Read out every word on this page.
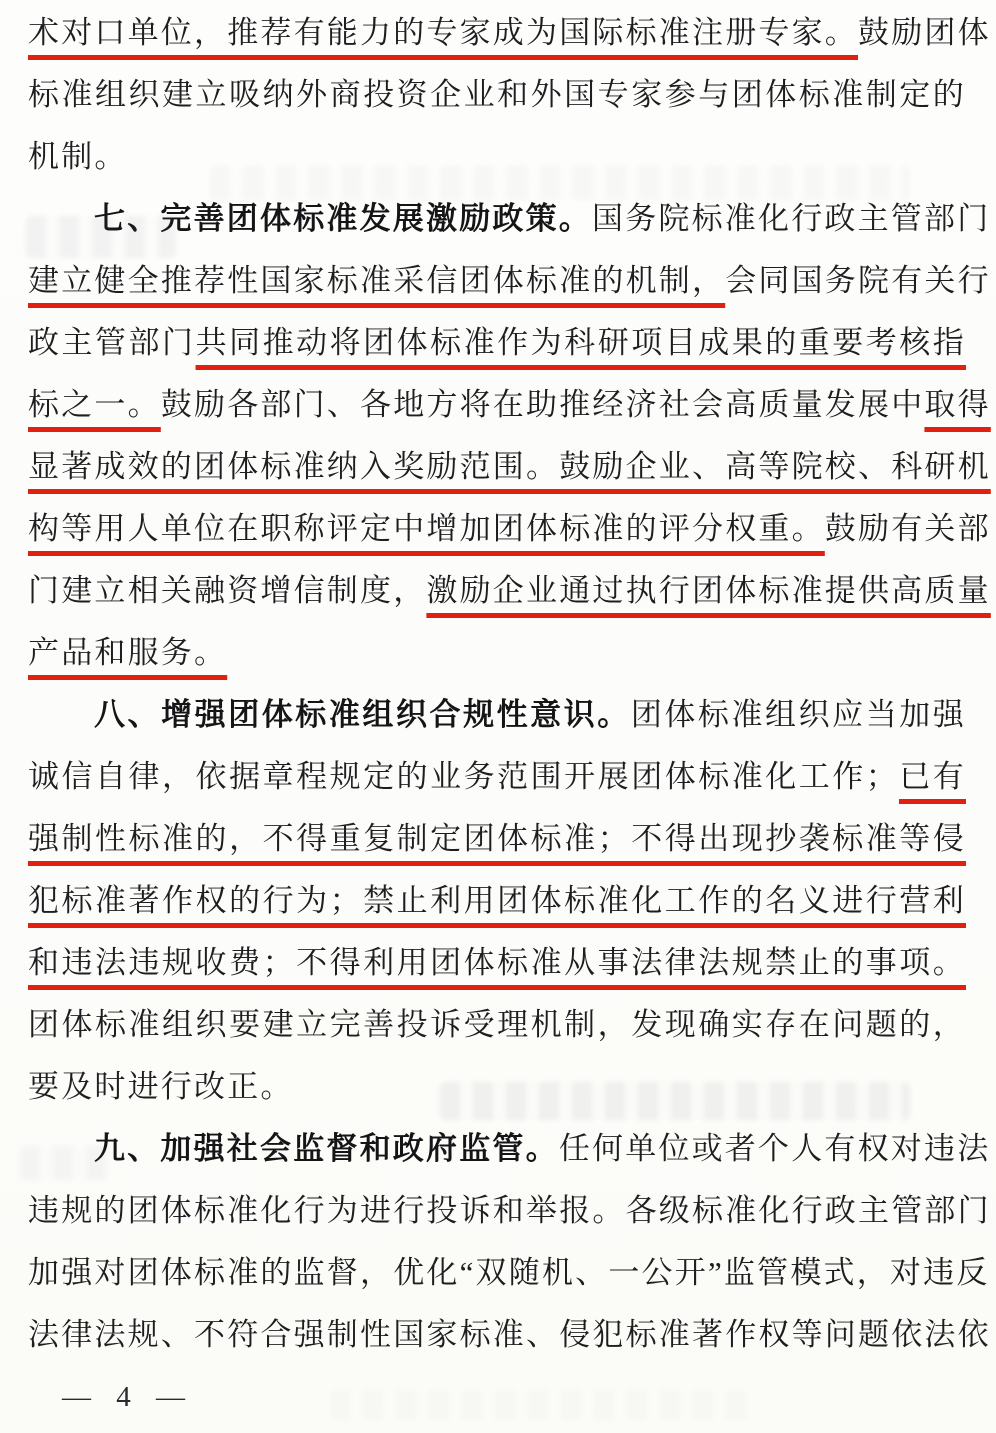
术对口单位，推荐有能力的专家成为国际标准注册专家。鼓励团体
标准组织建立吸纳外商投资企业和外国专家参与团体标准制定的
机制。
七、完善团体标准发展激励政策。国务院标准化行政主管部门
建立健全推荐性国家标准采信团体标准的机制，会同国务院有关行
政主管部门共同推动将团体标准作为科研项目成果的重要考核指
标之一。鼓励各部门、各地方将在助推经济社会高质量发展中取得
显著成效的团体标准纳入奖励范围。鼓励企业、高等院校、科研机
构等用人单位在职称评定中增加团体标准的评分权重。鼓励有关部
门建立相关融资增信制度，激励企业通过执行团体标准提供高质量
产品和服务。
八、增强团体标准组织合规性意识。团体标准组织应当加强
诚信自律，依据章程规定的业务范围开展团体标准化工作；已有
强制性标准的，不得重复制定团体标准；不得出现抄袭标准等侵
犯标准著作权的行为；禁止利用团体标准化工作的名义进行营利
和违法违规收费；不得利用团体标准从事法律法规禁止的事项。
团体标准组织要建立完善投诉受理机制，发现确实存在问题的，
要及时进行改正。
九、加强社会监督和政府监管。任何单位或者个人有权对违法
违规的团体标准化行为进行投诉和举报。各级标准化行政主管部门
加强对团体标准的监督，优化“双随机、一公开”监管模式，对违反
法律法规、不符合强制性国家标准、侵犯标准著作权等问题依法依
— 4 —
